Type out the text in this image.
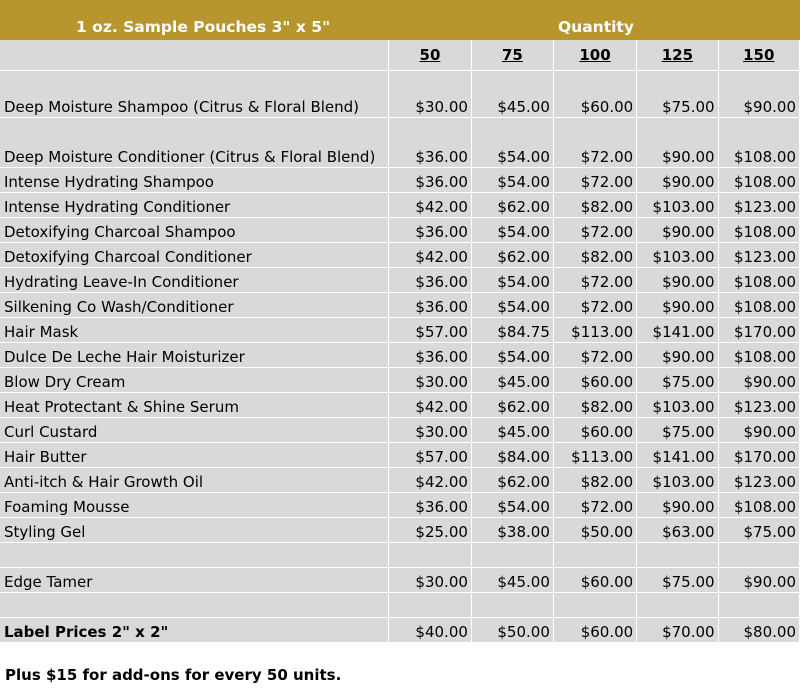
1 oz. Sample Pouches 3" x 5"	Quantity
	50	75	100	125	150
Deep Moisture Shampoo (Citrus & Floral Blend)	$30.00	$45.00	$60.00	$75.00	$90.00
Deep Moisture Conditioner (Citrus & Floral Blend)	$36.00	$54.00	$72.00	$90.00	$108.00
Intense Hydrating Shampoo	$36.00	$54.00	$72.00	$90.00	$108.00
Intense Hydrating Conditioner	$42.00	$62.00	$82.00	$103.00	$123.00
Detoxifying Charcoal Shampoo	$36.00	$54.00	$72.00	$90.00	$108.00
Detoxifying Charcoal Conditioner	$42.00	$62.00	$82.00	$103.00	$123.00
Hydrating Leave-In Conditioner	$36.00	$54.00	$72.00	$90.00	$108.00
Silkening Co Wash/Conditioner	$36.00	$54.00	$72.00	$90.00	$108.00
Hair Mask	$57.00	$84.75	$113.00	$141.00	$170.00
Dulce De Leche Hair Moisturizer	$36.00	$54.00	$72.00	$90.00	$108.00
Blow Dry Cream	$30.00	$45.00	$60.00	$75.00	$90.00
Heat Protectant & Shine Serum	$42.00	$62.00	$82.00	$103.00	$123.00
Curl Custard	$30.00	$45.00	$60.00	$75.00	$90.00
Hair Butter	$57.00	$84.00	$113.00	$141.00	$170.00
Anti-itch & Hair Growth Oil	$42.00	$62.00	$82.00	$103.00	$123.00
Foaming Mousse	$36.00	$54.00	$72.00	$90.00	$108.00
Styling Gel	$25.00	$38.00	$50.00	$63.00	$75.00

Edge Tamer	$30.00	$45.00	$60.00	$75.00	$90.00

Label Prices 2" x 2"	$40.00	$50.00	$60.00	$70.00	$80.00
Plus $15 for add-ons for every 50 units.
